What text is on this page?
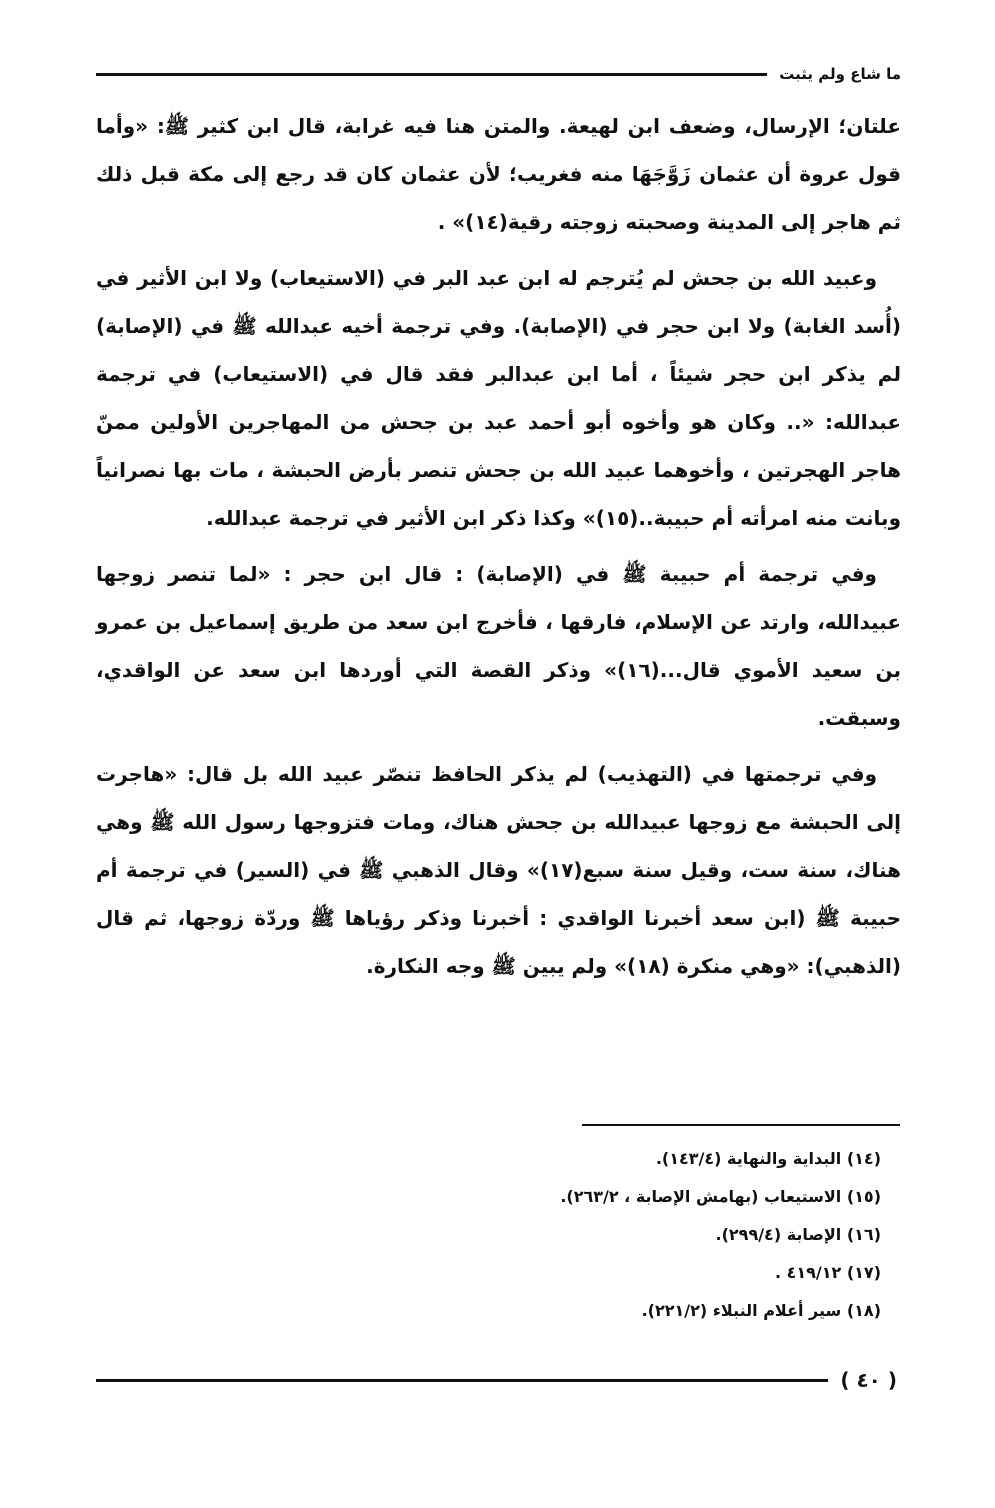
ما شاع ولم يثبت

علتان؛ الإرسال، وضعف ابن لهيعة. والمتن هنا فيه غرابة، قال ابن كثير ﷺ: «وأما قول عروة أن عثمان زَوَّجَهَا منه فغريب؛ لأن عثمان كان قد رجع إلى مكة قبل ذلك ثم هاجر إلى المدينة وصحبته زوجته رقية(١٤)» .

وعبيد الله بن جحش لم يُترجم له ابن عبد البر في (الاستيعاب) ولا ابن الأثير في (أُسد الغابة) ولا ابن حجر في (الإصابة). وفي ترجمة أخيه عبدالله ﷺ في (الإصابة) لم يذكر ابن حجر شيئاً ، أما ابن عبدالبر فقد قال في (الاستيعاب) في ترجمة عبدالله: «.. وكان هو وأخوه أبو أحمد عبد بن جحش من المهاجرين الأولين ممنّ هاجر الهجرتين ، وأخوهما عبيد الله بن جحش تنصر بأرض الحبشة ، مات بها نصرانياً وبانت منه امرأته أم حبيبة..(١٥)» وكذا ذكر ابن الأثير في ترجمة عبدالله.

وفي ترجمة أم حبيبة ﷺ في (الإصابة) : قال ابن حجر : «لما تنصر زوجها عبيدالله، وارتد عن الإسلام، فارقها ، فأخرج ابن سعد من طريق إسماعيل بن عمرو بن سعيد الأموي قال...(١٦)» وذكر القصة التي أوردها ابن سعد عن الواقدي، وسبقت.

وفي ترجمتها في (التهذيب) لم يذكر الحافظ تنصّر عبيد الله بل قال: «هاجرت إلى الحبشة مع زوجها عبيدالله بن جحش هناك، ومات فتزوجها رسول الله ﷺ وهي هناك، سنة ست، وقيل سنة سبع(١٧)» وقال الذهبي ﷺ في (السير) في ترجمة أم حبيبة ﷺ (ابن سعد أخبرنا الواقدي : أخبرنا وذكر رؤياها ﷺ وردّة زوجها، ثم قال (الذهبي): «وهي منكرة (١٨)» ولم يبين ﷺ وجه النكارة.

(١٤) البداية والنهاية (١٤٣/٤).

(١٥) الاستيعاب (بهامش الإصابة ، ٢٦٣/٢).

(١٦) الإصابة (٢٩٩/٤).

(١٧) ٤١٩/١٢ .

(١٨) سير أعلام النبلاء (٢٢١/٢).

( ٤٠ )
